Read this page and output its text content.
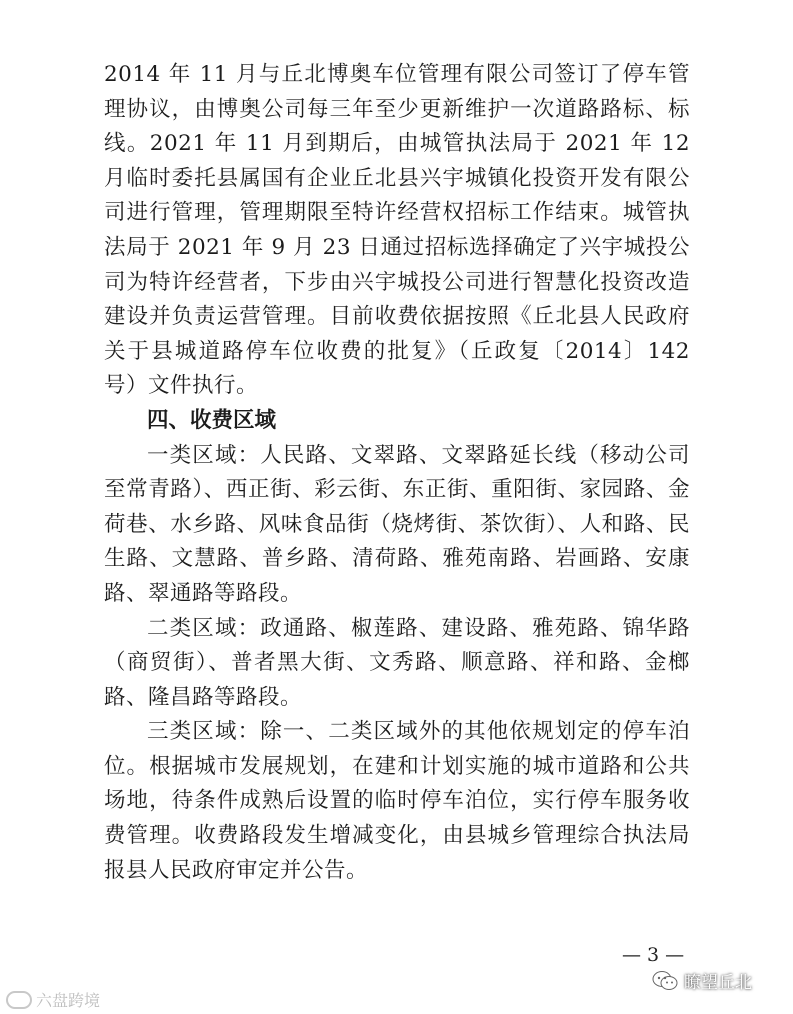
2014 年 11 月与丘北博奥车位管理有限公司签订了停车管理协议，由博奥公司每三年至少更新维护一次道路路标、标线。2021 年 11 月到期后，由城管执法局于 2021 年 12 月临时委托县属国有企业丘北县兴宇城镇化投资开发有限公司进行管理，管理期限至特许经营权招标工作结束。城管执法局于 2021 年 9 月 23 日通过招标选择确定了兴宇城投公司为特许经营者，下步由兴宇城投公司进行智慧化投资改造建设并负责运营管理。目前收费依据按照《丘北县人民政府关于县城道路停车位收费的批复》（丘政复〔2014〕142 号）文件执行。

四、收费区域

一类区域：人民路、文翠路、文翠路延长线（移动公司至常青路）、西正街、彩云街、东正街、重阳街、家园路、金荷巷、水乡路、风味食品街（烧烤街、茶饮街）、人和路、民生路、文慧路、普乡路、清荷路、雅苑南路、岩画路、安康路、翠通路等路段。

二类区域：政通路、椒莲路、建设路、雅苑路、锦华路（商贸街）、普者黑大街、文秀路、顺意路、祥和路、金榔路、隆昌路等路段。

三类区域：除一、二类区域外的其他依规划定的停车泊位。根据城市发展规划，在建和计划实施的城市道路和公共场地，待条件成熟后设置的临时停车泊位，实行停车服务收费管理。收费路段发生增减变化，由县城乡管理综合执法局报县人民政府审定并公告。

— 3 —
六盘跨境
瞭望丘北
